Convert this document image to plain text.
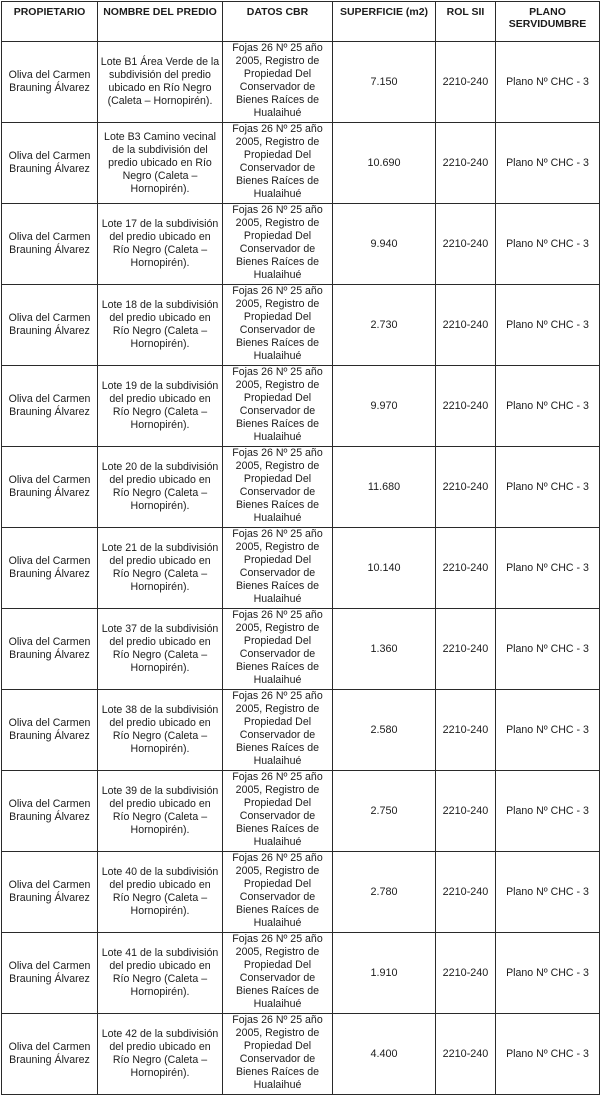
PROPIETARIO	NOMBRE DEL PREDIO	DATOS CBR	SUPERFICIE (m2)	ROL SII	PLANO SERVIDUMBRE
Oliva del Carmen Brauning Álvarez	Lote B1 Área Verde de la subdivisión del predio ubicado en Río Negro (Caleta – Hornopirén).	Fojas 26 Nº 25 año 2005, Registro de Propiedad Del Conservador de Bienes Raíces de Hualaihué	7.150	2210-240	Plano Nº CHC - 3
Oliva del Carmen Brauning Álvarez	Lote B3 Camino vecinal de la subdivisión del predio ubicado en Río Negro (Caleta – Hornopirén).	Fojas 26 Nº 25 año 2005, Registro de Propiedad Del Conservador de Bienes Raíces de Hualaihué	10.690	2210-240	Plano Nº CHC - 3
Oliva del Carmen Brauning Álvarez	Lote 17 de la subdivisión del predio ubicado en Río Negro (Caleta – Hornopirén).	Fojas 26 Nº 25 año 2005, Registro de Propiedad Del Conservador de Bienes Raíces de Hualaihué	9.940	2210-240	Plano Nº CHC - 3
Oliva del Carmen Brauning Álvarez	Lote 18 de la subdivisión del predio ubicado en Río Negro (Caleta – Hornopirén).	Fojas 26 Nº 25 año 2005, Registro de Propiedad Del Conservador de Bienes Raíces de Hualaihué	2.730	2210-240	Plano Nº CHC - 3
Oliva del Carmen Brauning Álvarez	Lote 19 de la subdivisión del predio ubicado en Río Negro (Caleta – Hornopirén).	Fojas 26 Nº 25 año 2005, Registro de Propiedad Del Conservador de Bienes Raíces de Hualaihué	9.970	2210-240	Plano Nº CHC - 3
Oliva del Carmen Brauning Álvarez	Lote 20 de la subdivisión del predio ubicado en Río Negro (Caleta – Hornopirén).	Fojas 26 Nº 25 año 2005, Registro de Propiedad Del Conservador de Bienes Raíces de Hualaihué	11.680	2210-240	Plano Nº CHC - 3
Oliva del Carmen Brauning Álvarez	Lote 21 de la subdivisión del predio ubicado en Río Negro (Caleta – Hornopirén).	Fojas 26 Nº 25 año 2005, Registro de Propiedad Del Conservador de Bienes Raíces de Hualaihué	10.140	2210-240	Plano Nº CHC - 3
Oliva del Carmen Brauning Álvarez	Lote 37 de la subdivisión del predio ubicado en Río Negro (Caleta – Hornopirén).	Fojas 26 Nº 25 año 2005, Registro de Propiedad Del Conservador de Bienes Raíces de Hualaihué	1.360	2210-240	Plano Nº CHC - 3
Oliva del Carmen Brauning Álvarez	Lote 38 de la subdivisión del predio ubicado en Río Negro (Caleta – Hornopirén).	Fojas 26 Nº 25 año 2005, Registro de Propiedad Del Conservador de Bienes Raíces de Hualaihué	2.580	2210-240	Plano Nº CHC - 3
Oliva del Carmen Brauning Álvarez	Lote 39 de la subdivisión del predio ubicado en Río Negro (Caleta – Hornopirén).	Fojas 26 Nº 25 año 2005, Registro de Propiedad Del Conservador de Bienes Raíces de Hualaihué	2.750	2210-240	Plano Nº CHC - 3
Oliva del Carmen Brauning Álvarez	Lote 40 de la subdivisión del predio ubicado en Río Negro (Caleta – Hornopirén).	Fojas 26 Nº 25 año 2005, Registro de Propiedad Del Conservador de Bienes Raíces de Hualaihué	2.780	2210-240	Plano Nº CHC - 3
Oliva del Carmen Brauning Álvarez	Lote 41 de la subdivisión del predio ubicado en Río Negro (Caleta – Hornopirén).	Fojas 26 Nº 25 año 2005, Registro de Propiedad Del Conservador de Bienes Raíces de Hualaihué	1.910	2210-240	Plano Nº CHC - 3
Oliva del Carmen Brauning Álvarez	Lote 42 de la subdivisión del predio ubicado en Río Negro (Caleta – Hornopirén).	Fojas 26 Nº 25 año 2005, Registro de Propiedad Del Conservador de Bienes Raíces de Hualaihué	4.400	2210-240	Plano Nº CHC - 3
